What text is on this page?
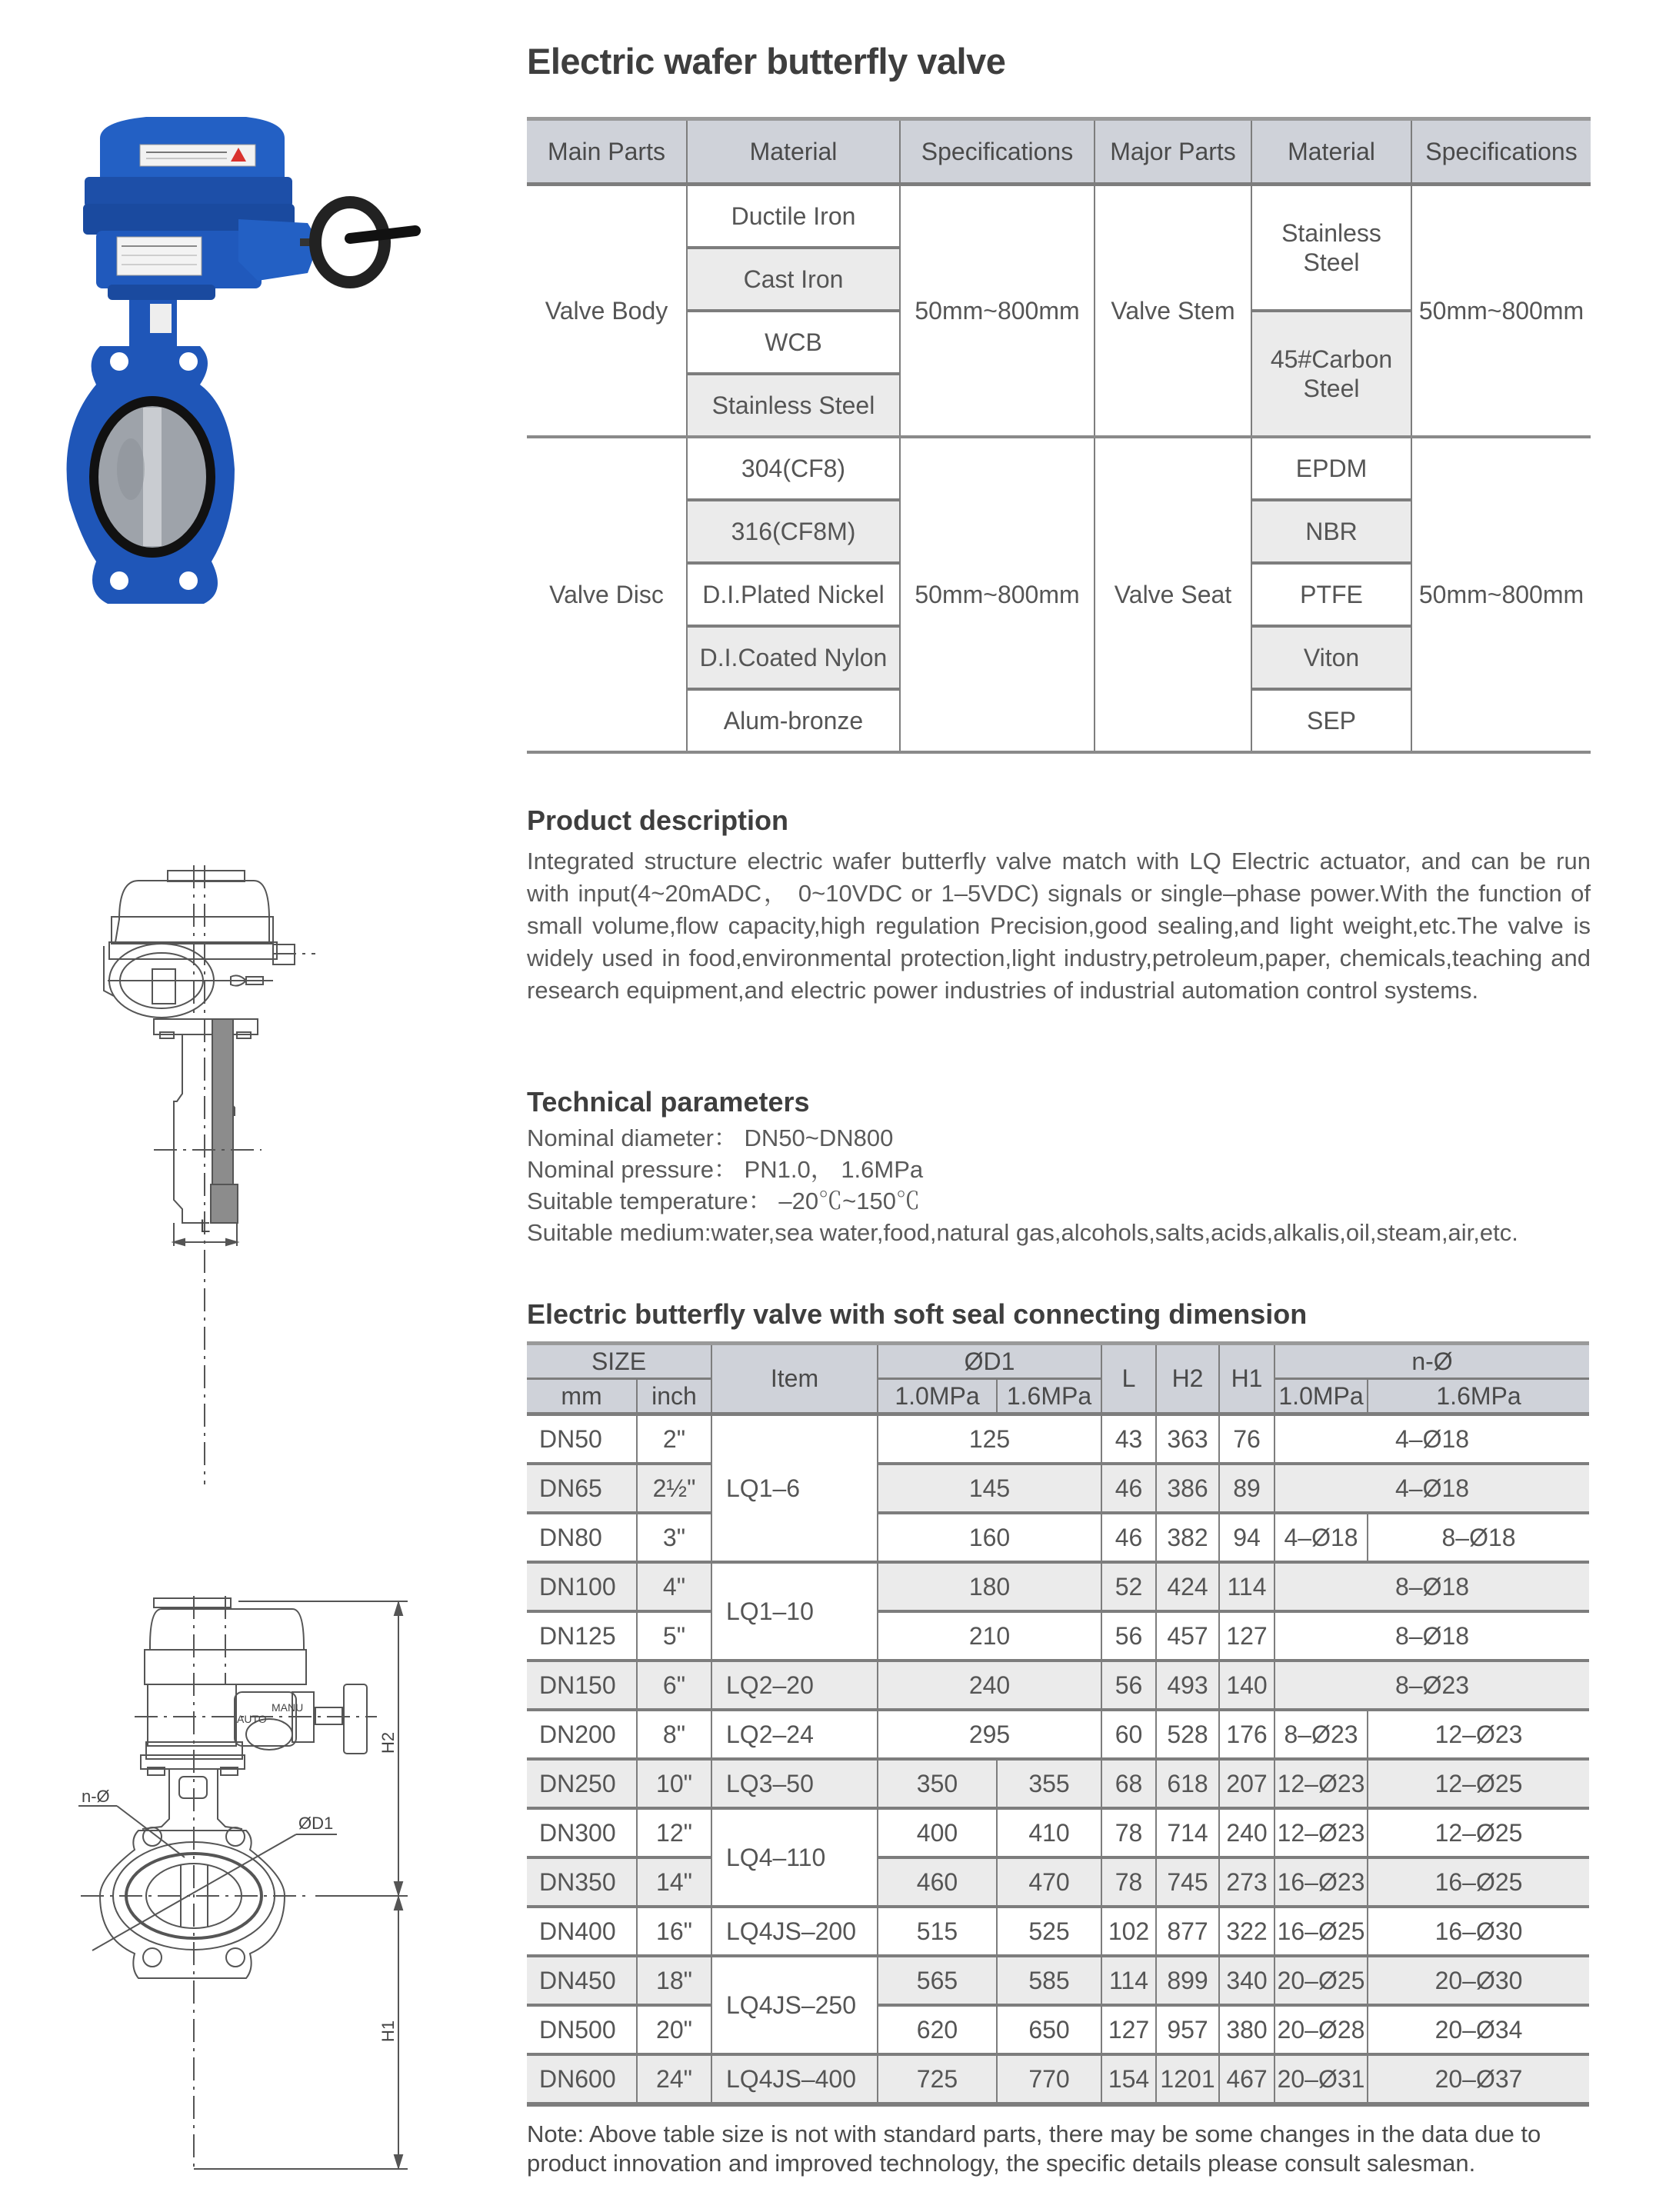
L
MANU
AUTO
ØD1
n-Ø
H2
H1
Electric wafer butterfly valve
Main Parts	Material	Specifications	Major Parts	Material	Specifications
Valve Body	Ductile Iron	50mm~800mm	Valve Stem	Stainless Steel	50mm~800mm
	Cast Iron				
	WCB			45#Carbon Steel	
	Stainless Steel				
Valve Disc	304(CF8)	50mm~800mm	Valve Seat	EPDM	50mm~800mm
	316(CF8M)			NBR	
	D.I.Plated Nickel			PTFE	
	D.I.Coated Nylon			Viton	
	Alum-bronze			SEP	
Product description
Integrated structure electric wafer butterfly valve match with LQ Electric actuator, and can be run with input(4~20mADC， 0~10VDC or 1–5VDC) signals or single–phase power.With the function of small volume,flow capacity,high regulation Precision,good sealing,and light weight,etc.The valve is widely used in food,environmental protection,light industry,petroleum,paper, chemicals,teaching and research equipment,and electric power industries of industrial automation control systems.
Technical parameters
Nominal diameter： DN50~DN800
Nominal pressure： PN1.0， 1.6MPa
Suitable temperature： –20℃~150℃
Suitable medium:water,sea water,food,natural gas,alcohols,salts,acids,alkalis,oil,steam,air,etc.
Electric butterfly valve with soft seal connecting dimension
SIZE		Item	ØD1		L	H2	H1	n-Ø	
mm	inch		1.0MPa	1.6MPa				1.0MPa	1.6MPa
DN50	2"	LQ1–6	125		43	363	76	4–Ø18	
DN65	2½"		145		46	386	89	4–Ø18	
DN80	3"		160		46	382	94	4–Ø18	8–Ø18
DN100	4"	LQ1–10	180		52	424	114	8–Ø18	
DN125	5"		210		56	457	127	8–Ø18	
DN150	6"	LQ2–20	240		56	493	140	8–Ø23	
DN200	8"	LQ2–24	295		60	528	176	8–Ø23	12–Ø23
DN250	10"	LQ3–50	350	355	68	618	207	12–Ø23	12–Ø25
DN300	12"	LQ4–110	400	410	78	714	240	12–Ø23	12–Ø25
DN350	14"		460	470	78	745	273	16–Ø23	16–Ø25
DN400	16"	LQ4JS–200	515	525	102	877	322	16–Ø25	16–Ø30
DN450	18"	LQ4JS–250	565	585	114	899	340	20–Ø25	20–Ø30
DN500	20"		620	650	127	957	380	20–Ø28	20–Ø34
DN600	24"	LQ4JS–400	725	770	154	1201	467	20–Ø31	20–Ø37
Note: Above table size is not with standard parts, there may be some changes in the data due to product innovation and improved technology, the specific details please consult salesman.
